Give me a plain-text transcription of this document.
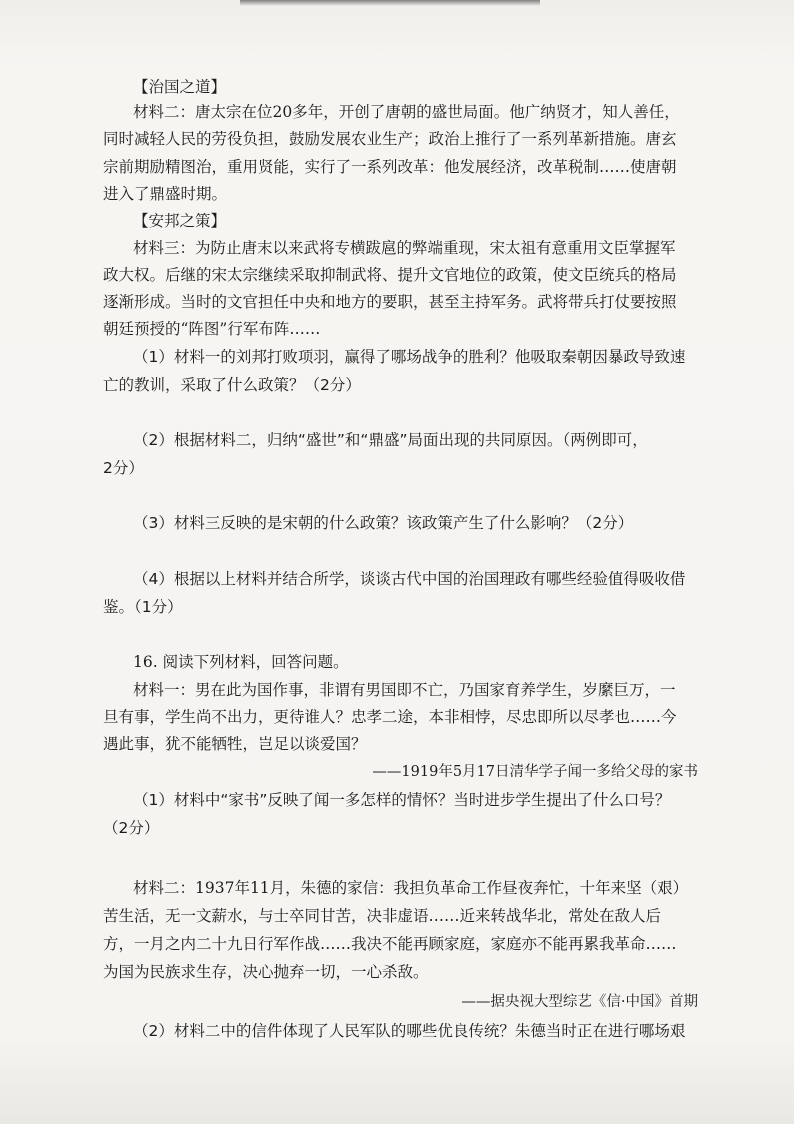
【治国之道】
材料二：唐太宗在位20多年，开创了唐朝的盛世局面。他广纳贤才，知人善任，
同时减轻人民的劳役负担，鼓励发展农业生产；政治上推行了一系列革新措施。唐玄
宗前期励精图治，重用贤能，实行了一系列改革：他发展经济，改革税制……使唐朝
进入了鼎盛时期。
【安邦之策】
材料三：为防止唐末以来武将专横跋扈的弊端重现，宋太祖有意重用文臣掌握军
政大权。后继的宋太宗继续采取抑制武将、提升文官地位的政策，使文臣统兵的格局
逐渐形成。当时的文官担任中央和地方的要职，甚至主持军务。武将带兵打仗要按照
朝廷预授的“阵图”行军布阵……
（1）材料一的刘邦打败项羽，赢得了哪场战争的胜利？他吸取秦朝因暴政导致速
亡的教训，采取了什么政策？（2分）
（2）根据材料二，归纳“盛世”和“鼎盛”局面出现的共同原因。（两例即可，
2分）
（3）材料三反映的是宋朝的什么政策？该政策产生了什么影响？（2分）
（4）根据以上材料并结合所学，谈谈古代中国的治国理政有哪些经验值得吸收借
鉴。（1分）
16. 阅读下列材料，回答问题。
材料一：男在此为国作事，非谓有男国即不亡，乃国家育养学生，岁縻巨万，一
旦有事，学生尚不出力，更待谁人？忠孝二途，本非相悖，尽忠即所以尽孝也……今
遇此事，犹不能牺牲，岂足以谈爱国？
——1919年5月17日清华学子闻一多给父母的家书
（1）材料中“家书”反映了闻一多怎样的情怀？当时进步学生提出了什么口号？
（2分）
材料二：1937年11月，朱德的家信：我担负革命工作昼夜奔忙，十年来坚（艰）
苦生活，无一文薪水，与士卒同甘苦，决非虚语……近来转战华北，常处在敌人后
方，一月之内二十九日行军作战……我决不能再顾家庭，家庭亦不能再累我革命……
为国为民族求生存，决心抛弃一切，一心杀敌。
——据央视大型综艺《信·中国》首期
（2）材料二中的信件体现了人民军队的哪些优良传统？朱德当时正在进行哪场艰
